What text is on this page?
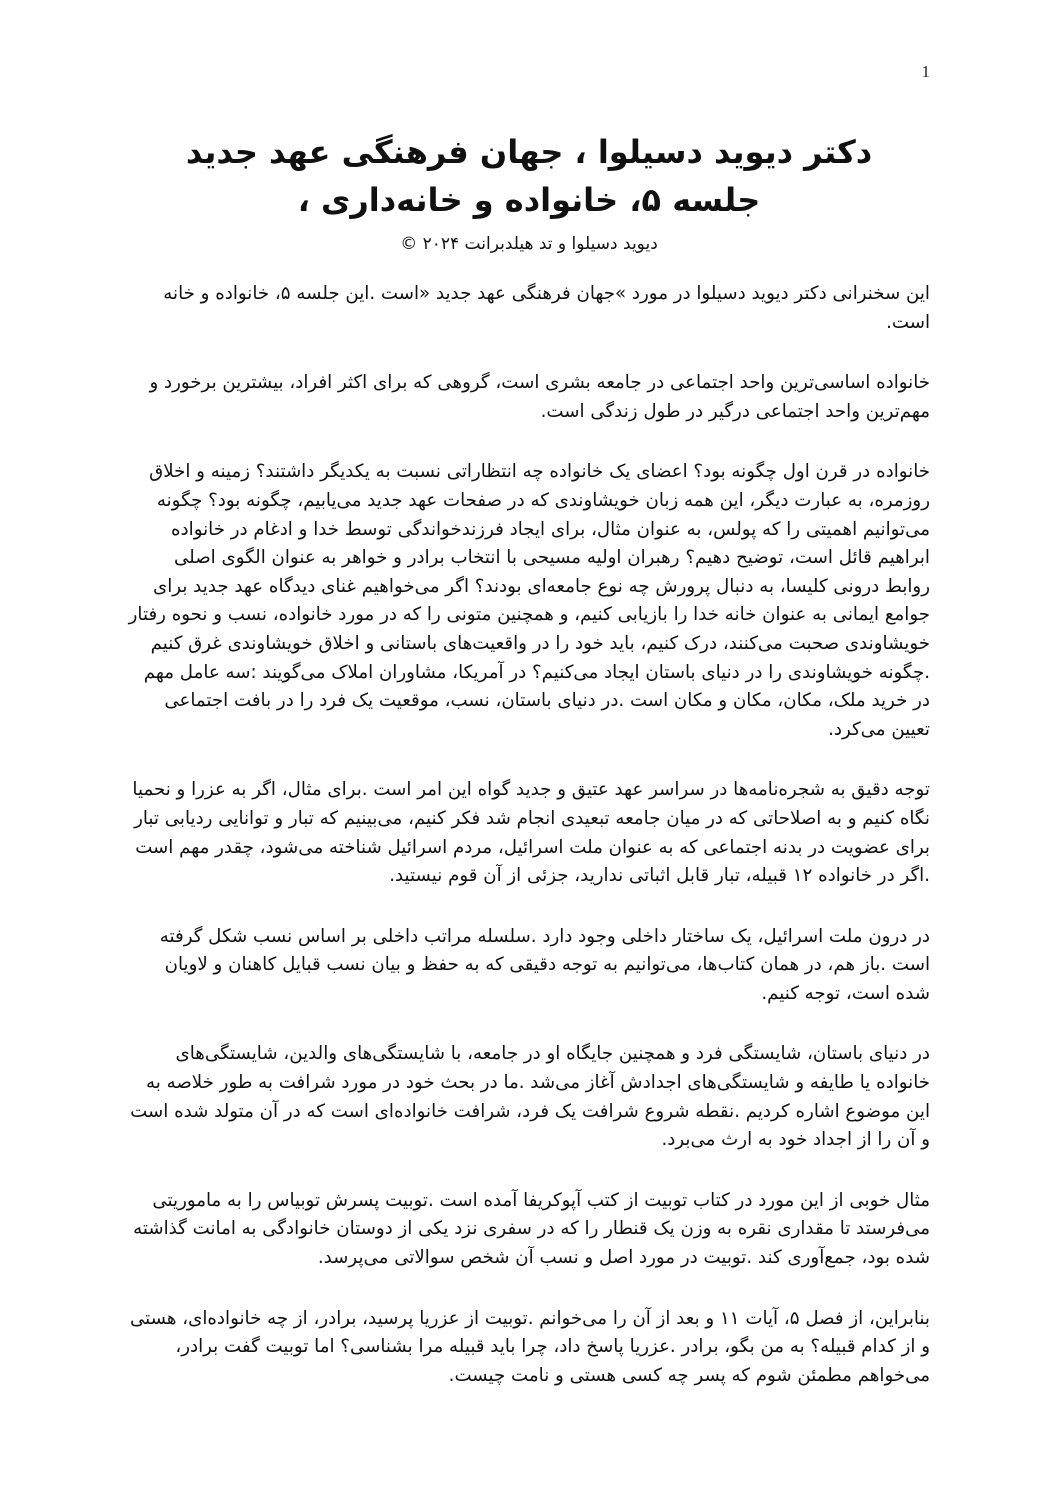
1

دکتر دیوید دسیلوا ، جهان فرهنگی عهد جدید

جلسه ۵، خانواده و خانه‌داری ،

دیوید دسیلوا و تد هیلدبرانت ۲۰۲۴ ©

این سخنرانی دکتر دیوید دسیلوا در مورد »جهان فرهنگی عهد جدید «است .این جلسه ۵، خانواده و خانه است.

خانواده اساسی‌ترین واحد اجتماعی در جامعه بشری است، گروهی که برای اکثر افراد، بیشترین برخورد و مهم‌ترین واحد اجتماعی درگیر در طول زندگی است.

خانواده در قرن اول چگونه بود؟ اعضای یک خانواده چه انتظاراتی نسبت به یکدیگر داشتند؟ زمینه و اخلاق روزمره، به عبارت دیگر، این همه زبان خویشاوندی که در صفحات عهد جدید می‌یابیم، چگونه بود؟ چگونه می‌توانیم اهمیتی را که پولس، به عنوان مثال، برای ایجاد فرزندخواندگی توسط خدا و ادغام در خانواده ابراهیم قائل است، توضیح دهیم؟ رهبران اولیه مسیحی با انتخاب برادر و خواهر به عنوان الگوی اصلی روابط درونی کلیسا، به دنبال پرورش چه نوع جامعه‌ای بودند؟ اگر می‌خواهیم غنای دیدگاه عهد جدید برای جوامع ایمانی به عنوان خانه خدا را بازیابی کنیم، و همچنین متونی را که در مورد خانواده، نسب و نحوه رفتار خویشاوندی صحبت می‌کنند، درک کنیم، باید خود را در واقعیت‌های باستانی و اخلاق خویشاوندی غرق کنیم .چگونه خویشاوندی را در دنیای باستان ایجاد می‌کنیم؟ در آمریکا، مشاوران املاک می‌گویند :سه عامل مهم در خرید ملک، مکان، مکان و مکان است .در دنیای باستان، نسب، موقعیت یک فرد را در بافت اجتماعی تعیین می‌کرد.

توجه دقیق به شجره‌نامه‌ها در سراسر عهد عتیق و جدید گواه این امر است .برای مثال، اگر به عزرا و نحمیا نگاه کنیم و به اصلاحاتی که در میان جامعه تبعیدی انجام شد فکر کنیم، می‌بینیم که تبار و توانایی ردیابی تبار برای عضویت در بدنه اجتماعی که به عنوان ملت اسرائیل، مردم اسرائیل شناخته می‌شود، چقدر مهم است .اگر در خانواده ۱۲ قبیله، تبار قابل اثباتی ندارید، جزئی از آن قوم نیستید.

در درون ملت اسرائیل، یک ساختار داخلی وجود دارد .سلسله مراتب داخلی بر اساس نسب شکل گرفته است .باز هم، در همان کتاب‌ها، می‌توانیم به توجه دقیقی که به حفظ و بیان نسب قبایل کاهنان و لاویان شده است، توجه کنیم.

در دنیای باستان، شایستگی فرد و همچنین جایگاه او در جامعه، با شایستگی‌های والدین، شایستگی‌های خانواده یا طایفه و شایستگی‌های اجدادش آغاز می‌شد .ما در بحث خود در مورد شرافت به طور خلاصه به این موضوع اشاره کردیم .نقطه شروع شرافت یک فرد، شرافت خانواده‌ای است که در آن متولد شده است و آن را از اجداد خود به ارث می‌برد.

مثال خوبی از این مورد در کتاب توبیت از کتب آپوکریفا آمده است .توبیت پسرش توبیاس را به ماموریتی می‌فرستد تا مقداری نقره به وزن یک قنطار را که در سفری نزد یکی از دوستان خانوادگی به امانت گذاشته شده بود، جمع‌آوری کند .توبیت در مورد اصل و نسب آن شخص سوالاتی می‌پرسد.

بنابراین، از فصل ۵، آیات ۱۱ و بعد از آن را می‌خوانم .توبیت از عزریا پرسید، برادر، از چه خانواده‌ای، هستی و از کدام قبیله؟ به من بگو، برادر .عزریا پاسخ داد، چرا باید قبیله مرا بشناسی؟ اما توبیت گفت برادر، می‌خواهم مطمئن شوم که پسر چه کسی هستی و نامت چیست.
